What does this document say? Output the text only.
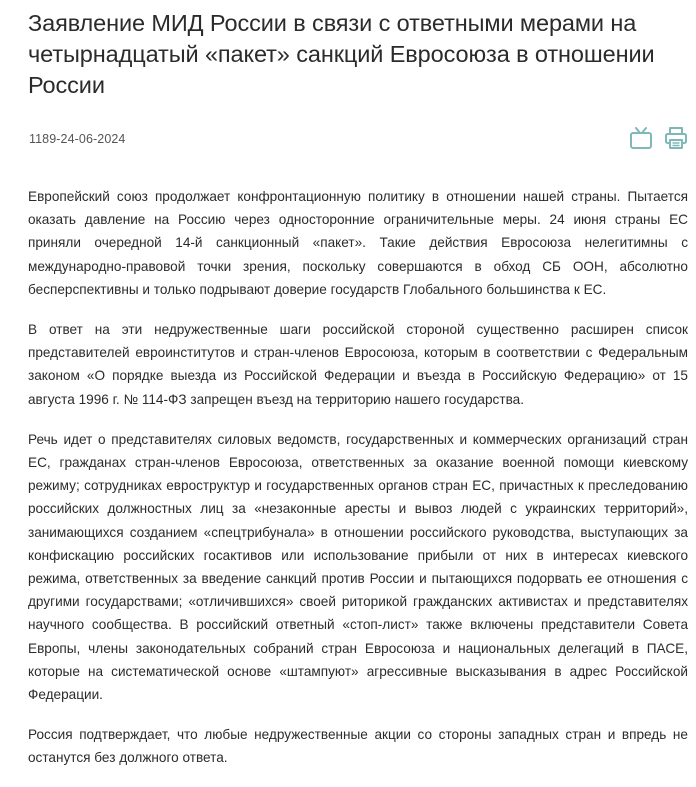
Заявление МИД России в связи с ответными мерами на четырнадцатый «пакет» санкций Евросоюза в отношении России
1189-24-06-2024

Европейский союз продолжает конфронтационную политику в отношении нашей страны. Пытается оказать давление на Россию через односторонние ограничительные меры. 24 июня страны ЕС приняли очередной 14-й санкционный «пакет». Такие действия Евросоюза нелегитимны с международно-правовой точки зрения, поскольку совершаются в обход СБ ООН, абсолютно бесперспективны и только подрывают доверие государств Глобального большинства к ЕС.

В ответ на эти недружественные шаги российской стороной существенно расширен список представителей евроинститутов и стран-членов Евросоюза, которым в соответствии с Федеральным законом «О порядке выезда из Российской Федерации и въезда в Российскую Федерацию» от 15 августа 1996 г. № 114-ФЗ запрещен въезд на территорию нашего государства.

Речь идет о представителях силовых ведомств, государственных и коммерческих организаций стран ЕС, гражданах стран-членов Евросоюза, ответственных за оказание военной помощи киевскому режиму; сотрудниках евроструктур и государственных органов стран ЕС, причастных к преследованию российских должностных лиц за «незаконные аресты и вывоз людей с украинских территорий», занимающихся созданием «спецтрибунала» в отношении российского руководства, выступающих за конфискацию российских госактивов или использование прибыли от них в интересах киевского режима, ответственных за введение санкций против России и пытающихся подорвать ее отношения с другими государствами; «отличившихся» своей риторикой гражданских активистах и представителях научного сообщества. В российский ответный «стоп-лист» также включены представители Совета Европы, члены законодательных собраний стран Евросоюза и национальных делегаций в ПАСЕ, которые на систематической основе «штампуют» агрессивные высказывания в адрес Российской Федерации.

Россия подтверждает, что любые недружественные акции со стороны западных стран и впредь не останутся без должного ответа.
